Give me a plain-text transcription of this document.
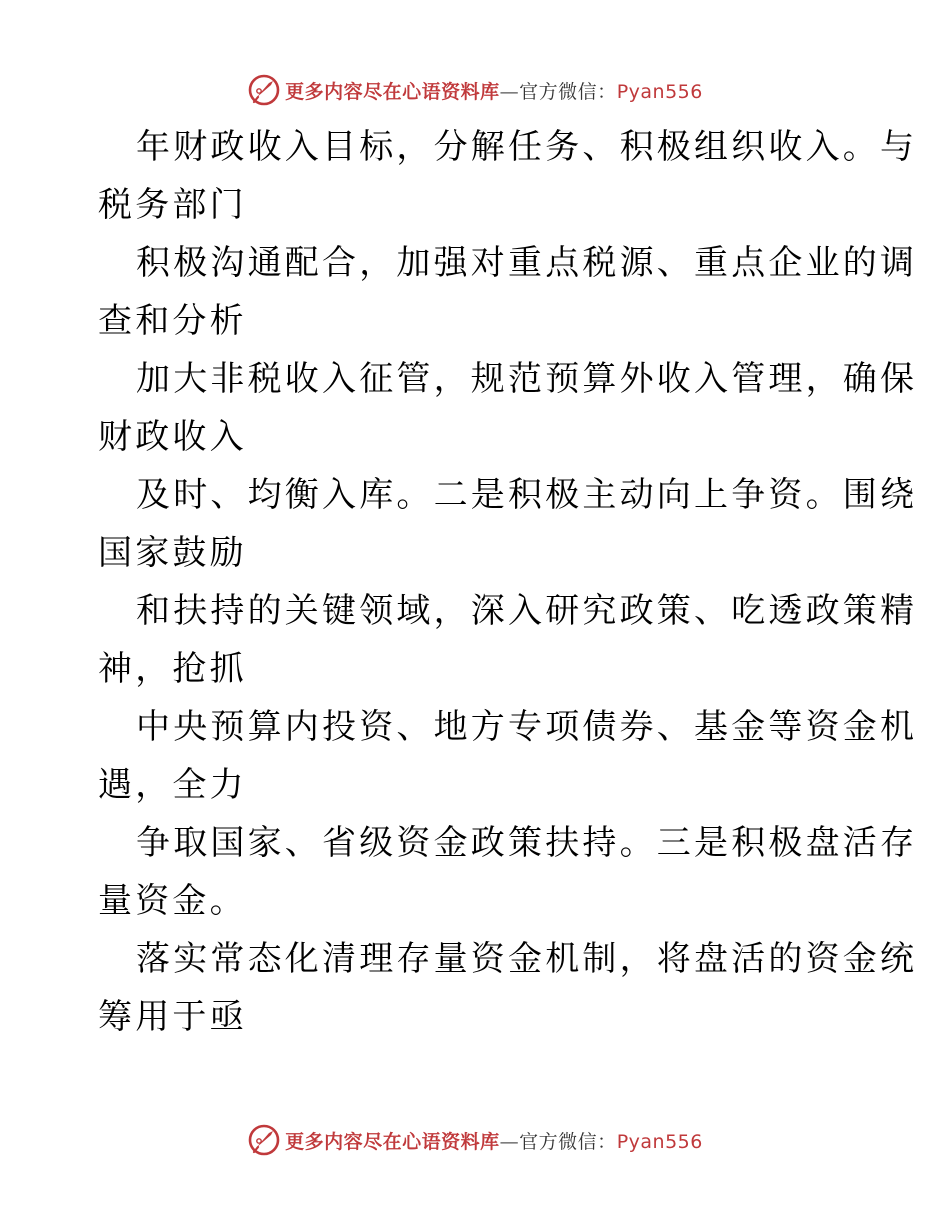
更多内容尽在心语资料库—官方微信：Pyan556

年财政收入目标，分解任务、积极组织收入。与
税务部门

积极沟通配合，加强对重点税源、重点企业的调
查和分析

加大非税收入征管，规范预算外收入管理，确保
财政收入

及时、均衡入库。二是积极主动向上争资。围绕
国家鼓励

和扶持的关键领域，深入研究政策、吃透政策精
神，抢抓

中央预算内投资、地方专项债券、基金等资金机
遇，全力

争取国家、省级资金政策扶持。三是积极盘活存
量资金。

落实常态化清理存量资金机制，将盘活的资金统
筹用于亟

更多内容尽在心语资料库—官方微信：Pyan556
